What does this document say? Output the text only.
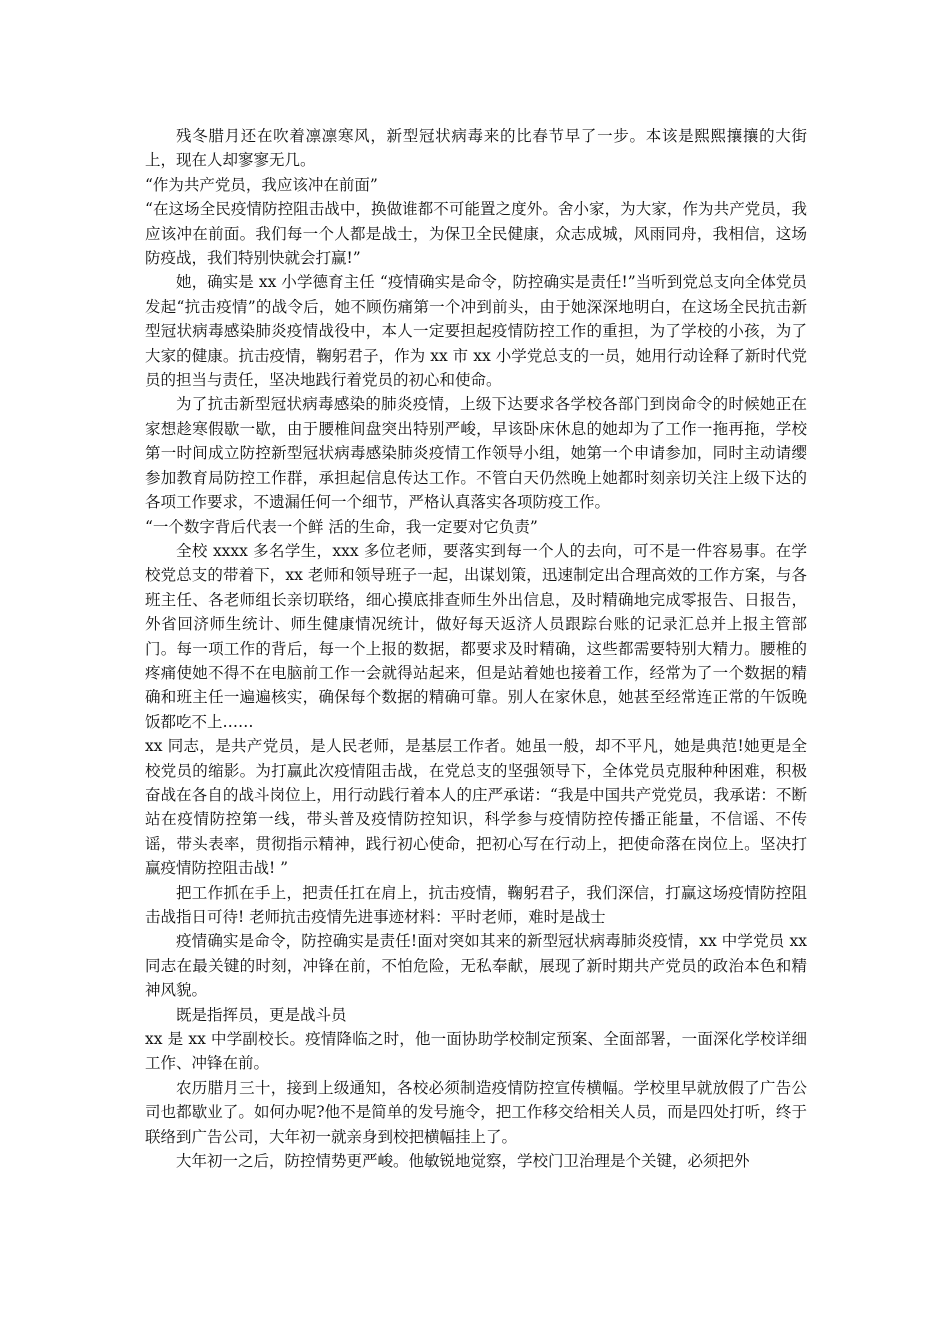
残冬腊月还在吹着凛凛寒风，新型冠状病毒来的比春节早了一步。本该是熙熙攘攘的大街上，现在人却寥寥无几。

“作为共产党员，我应该冲在前面”

“在这场全民疫情防控阻击战中，换做谁都不可能置之度外。舍小家，为大家，作为共产党员，我应该冲在前面。我们每一个人都是战士，为保卫全民健康，众志成城，风雨同舟，我相信，这场防疫战，我们特别快就会打赢!”

她，确实是 xx 小学德育主任 “疫情确实是命令，防控确实是责任!”当听到党总支向全体党员发起“抗击疫情”的战令后，她不顾伤痛第一个冲到前头，由于她深深地明白，在这场全民抗击新型冠状病毒感染肺炎疫情战役中，本人一定要担起疫情防控工作的重担，为了学校的小孩，为了大家的健康。抗击疫情，鞠躬君子，作为 xx 市 xx 小学党总支的一员，她用行动诠释了新时代党员的担当与责任，坚决地践行着党员的初心和使命。

为了抗击新型冠状病毒感染的肺炎疫情，上级下达要求各学校各部门到岗命令的时候她正在家想趁寒假歇一歇，由于腰椎间盘突出特别严峻，早该卧床休息的她却为了工作一拖再拖，学校第一时间成立防控新型冠状病毒感染肺炎疫情工作领导小组，她第一个申请参加，同时主动请缨参加教育局防控工作群，承担起信息传达工作。不管白天仍然晚上她都时刻亲切关注上级下达的各项工作要求，不遗漏任何一个细节，严格认真落实各项防疫工作。

“一个数字背后代表一个鲜 活的生命，我一定要对它负责”

全校 xxxx 多名学生，xxx 多位老师，要落实到每一个人的去向，可不是一件容易事。在学校党总支的带着下，xx 老师和领导班子一起，出谋划策，迅速制定出合理高效的工作方案，与各班主任、各老师组长亲切联络，细心摸底排查师生外出信息，及时精确地完成零报告、日报告，外省回济师生统计、师生健康情况统计，做好每天返济人员跟踪台账的记录汇总并上报主管部门。每一项工作的背后，每一个上报的数据，都要求及时精确，这些都需要特别大精力。腰椎的疼痛使她不得不在电脑前工作一会就得站起来，但是站着她也接着工作，经常为了一个数据的精确和班主任一遍遍核实，确保每个数据的精确可靠。别人在家休息，她甚至经常连正常的午饭晚饭都吃不上……

xx 同志，是共产党员，是人民老师，是基层工作者。她虽一般，却不平凡，她是典范!她更是全校党员的缩影。为打赢此次疫情阻击战，在党总支的坚强领导下，全体党员克服种种困难，积极奋战在各自的战斗岗位上，用行动践行着本人的庄严承诺：“我是中国共产党党员，我承诺：不断站在疫情防控第一线，带头普及疫情防控知识，科学参与疫情防控传播正能量，不信谣、不传谣，带头表率，贯彻指示精神，践行初心使命，把初心写在行动上，把使命落在岗位上。坚决打赢疫情防控阻击战! ”

把工作抓在手上，把责任扛在肩上，抗击疫情，鞠躬君子，我们深信，打赢这场疫情防控阻击战指日可待! 老师抗击疫情先进事迹材料：平时老师，难时是战士

疫情确实是命令，防控确实是责任!面对突如其来的新型冠状病毒肺炎疫情，xx 中学党员 xx 同志在最关键的时刻，冲锋在前，不怕危险，无私奉献，展现了新时期共产党员的政治本色和精神风貌。

既是指挥员，更是战斗员

xx 是 xx 中学副校长。疫情降临之时，他一面协助学校制定预案、全面部署，一面深化学校详细工作、冲锋在前。

农历腊月三十，接到上级通知，各校必须制造疫情防控宣传横幅。学校里早就放假了广告公司也都歇业了。如何办呢?他不是简单的发号施令，把工作移交给相关人员，而是四处打听，终于联络到广告公司，大年初一就亲身到校把横幅挂上了。

大年初一之后，防控情势更严峻。他敏锐地觉察，学校门卫治理是个关键，必须把外
